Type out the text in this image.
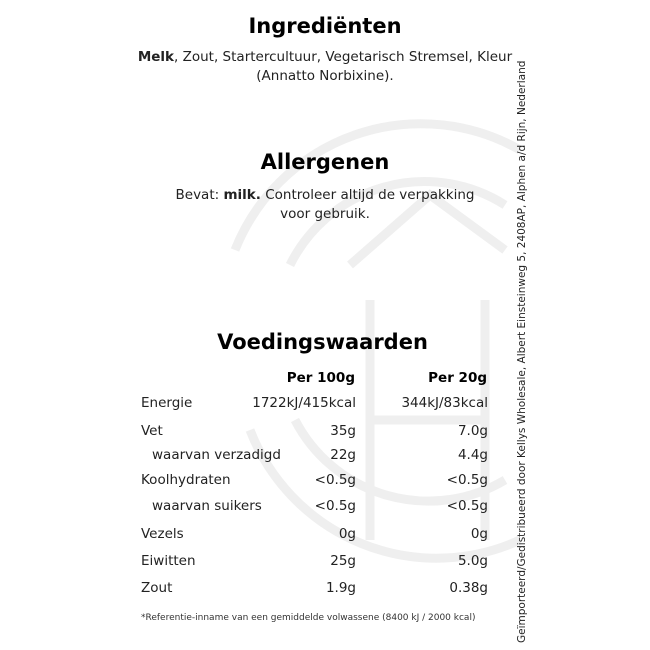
Ingrediënten
Melk, Zout, Startercultuur, Vegetarisch Stremsel, Kleur (Annatto Norbixine).
Allergenen
Bevat: milk. Controleer altijd de verpakking voor gebruik.
Voedingswaarden
Per 100g	Per 20g
Energie	1722kJ/415kcal	344kJ/83kcal
Vet	35g	7.0g
waarvan verzadigd	22g	4.4g
Koolhydraten	<0.5g	<0.5g
waarvan suikers	<0.5g	<0.5g
Vezels	0g	0g
Eiwitten	25g	5.0g
Zout	1.9g	0.38g
*Referentie-inname van een gemiddelde volwassene (8400 kJ / 2000 kcal)	Geïmporteerd/Gedistribueerd door Kellys Wholesale, Albert Einsteinweg 5, 2408AP, Alphen a/d Rijn, Nederland
